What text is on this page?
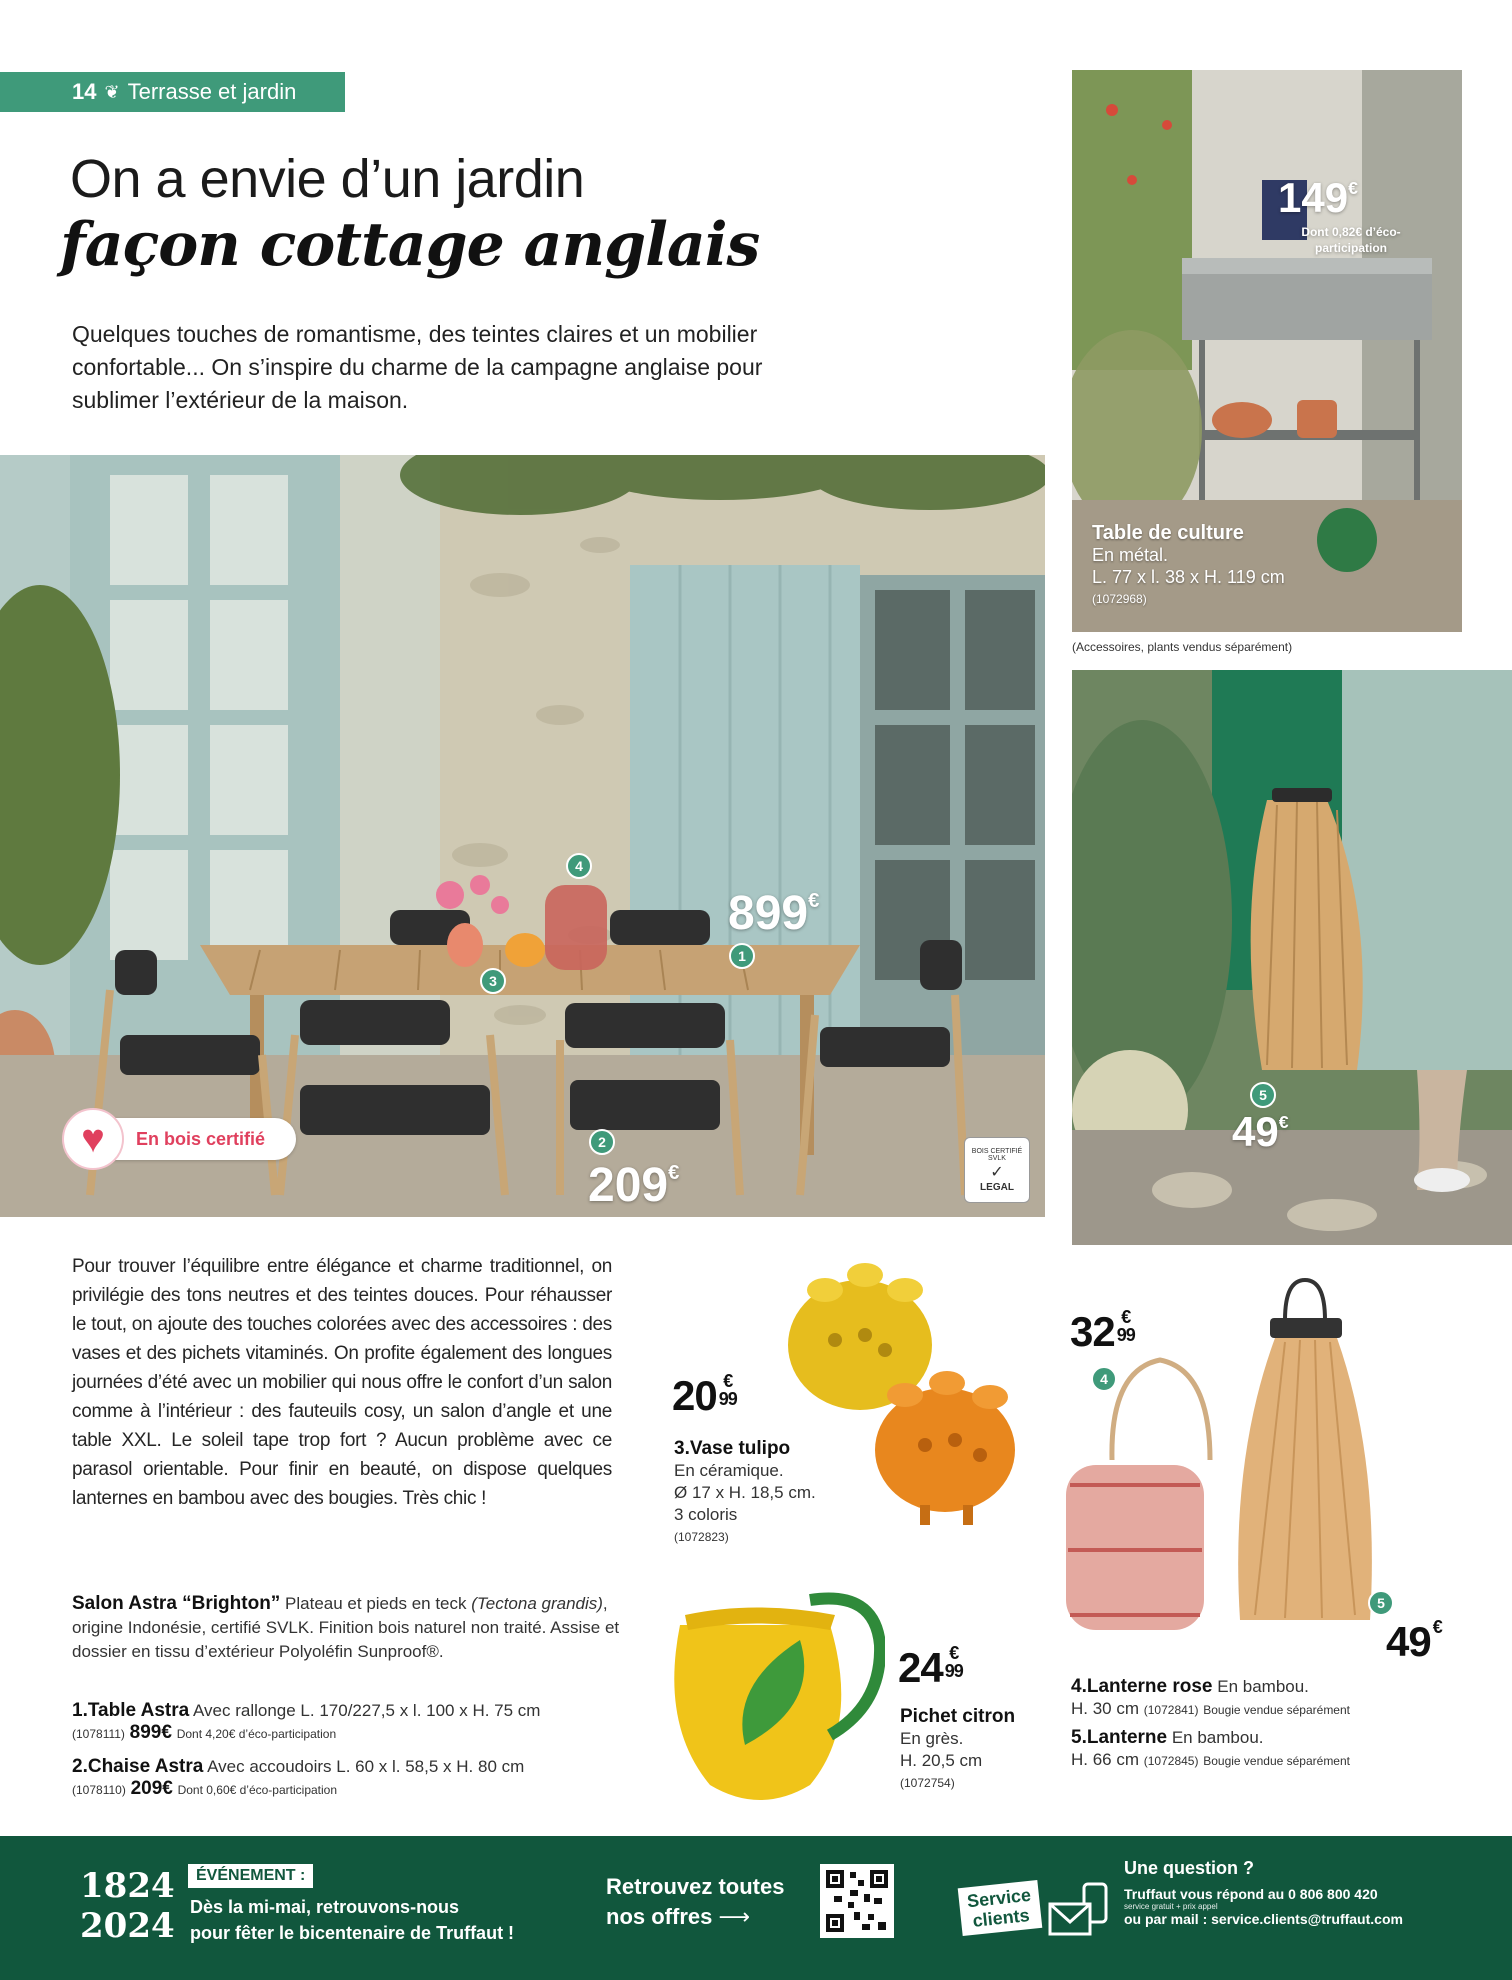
14 ❦ Terrasse et jardin
On a envie d’un jardin
façon cottage anglais

Quelques touches de romantisme, des teintes claires et un mobilier confortable... On s’inspire du charme de la campagne anglaise pour sublimer l’extérieur de la maison.

4
1
3
2
899€
209€
En bois certifié
♥	BOIS CERTIFIÉ SVLK
✓
LEGAL
149€
Dont 0,82€ d’éco-participation
Table de culture
En métal.
L. 77 x l. 38 x H. 119 cm
(1072968)
(Accessoires, plants vendus séparément)
5
49€

Pour trouver l’équilibre entre élégance et charme traditionnel, on privilégie des tons neutres et des teintes douces. Pour réhausser le tout, on ajoute des touches colorées avec des accessoires : des vases et des pichets vitaminés. On profite également des longues journées d’été avec un mobilier qui nous offre le confort d’un salon comme à l’intérieur : des fauteuils cosy, un salon d’angle et une table XXL. Le soleil tape trop fort ? Aucun problème avec ce parasol orientable. Pour finir en beauté, on dispose quelques lanternes en bambou avec des bougies. Très chic !

Salon Astra “Brighton” Plateau et pieds en teck (Tectona grandis), origine Indonésie, certifié SVLK. Finition bois naturel non traité. Assise et dossier en tissu d’extérieur Polyoléfin Sunproof®.
1.Table Astra Avec rallonge L. 170/227,5 x l. 100 x H. 75 cm
(1078111) 899€ Dont 4,20€ d’éco-participation
2.Chaise Astra Avec accoudoirs L. 60 x l. 58,5 x H. 80 cm
(1078110) 209€ Dont 0,60€ d’éco-participation
20 €
99
3.Vase tulipo
En céramique.
Ø 17 x H. 18,5 cm.
3 coloris
(1072823)
24 €
99
Pichet citron
En grès.
H. 20,5 cm
(1072754)
32 €
99
4
5
49 €
4.Lanterne rose En bambou.
H. 30 cm (1072841) Bougie vendue séparément
5.Lanterne En bambou.
H. 66 cm (1072845) Bougie vendue séparément
1824
2024
ÉVÉNEMENT :
Dès la mi-mai, retrouvons-nous
pour fêter le bicentenaire de Truffaut !
Retrouvez toutes
nos offres ⟶
Service
clients
Une question ?
Truffaut vous répond au 0 806 800 420
service gratuit + prix appel
ou par mail : service.clients@truffaut.com
